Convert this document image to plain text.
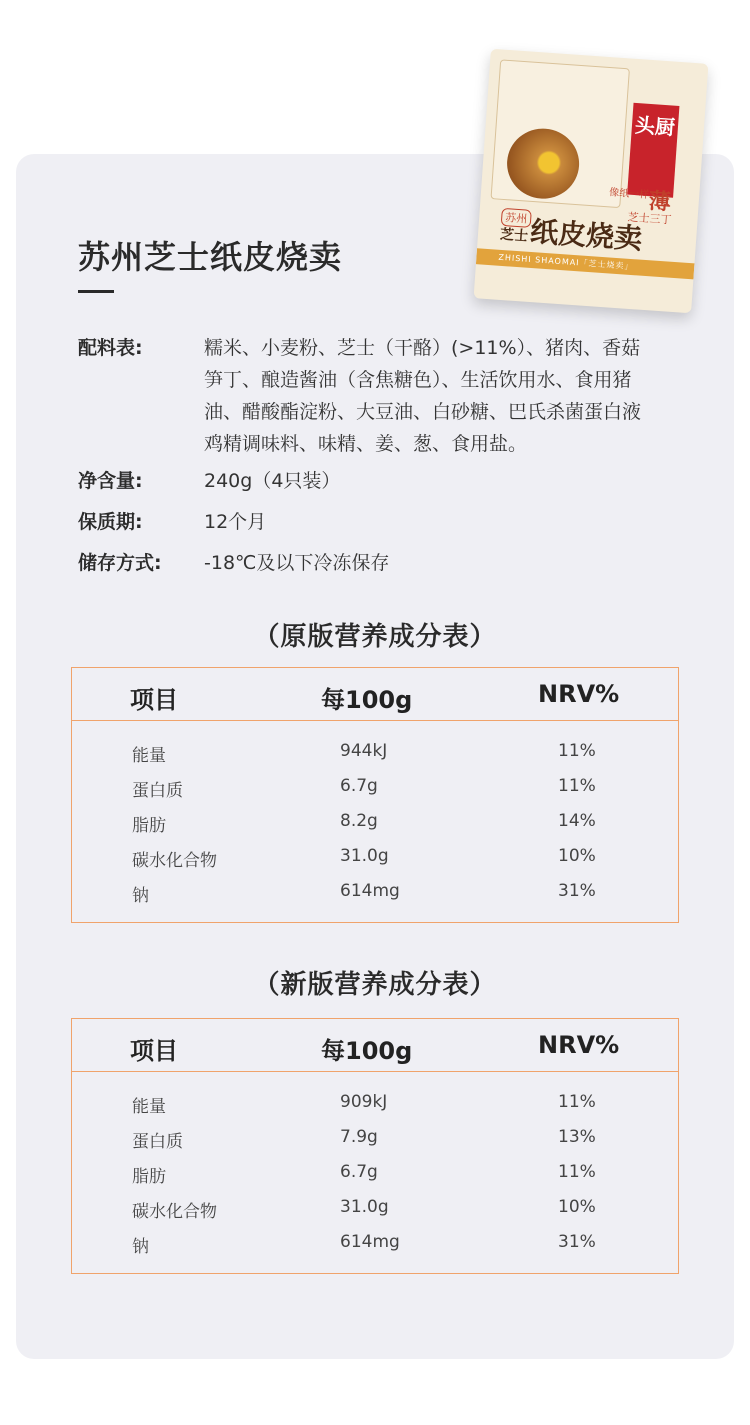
头厨
像纸一样
薄
芝士三丁
苏州
芝士 纸皮烧卖
ZHISHI SHAOMAI「芝士烧卖」
苏州芝士纸皮烧卖
配料表:	糯米、小麦粉、芝士（干酪）(>11%）、猪肉、香菇
笋丁、酿造酱油（含焦糖色）、生活饮用水、食用猪
油、醋酸酯淀粉、大豆油、白砂糖、巴氏杀菌蛋白液
鸡精调味料、味精、姜、葱、食用盐。
净含量:	240g（4只装）
保质期:	12个月
储存方式: -18℃及以下冷冻保存
（原版营养成分表）
项目	每100g	NRV%
能量	944kJ	11%
蛋白质	6.7g	11%
脂肪	8.2g	14%
碳水化合物	31.0g	10%
钠	614mg	31%
（新版营养成分表）
项目	每100g	NRV%
能量	909kJ	11%
蛋白质	7.9g	13%
脂肪	6.7g	11%
碳水化合物	31.0g	10%
钠	614mg	31%
